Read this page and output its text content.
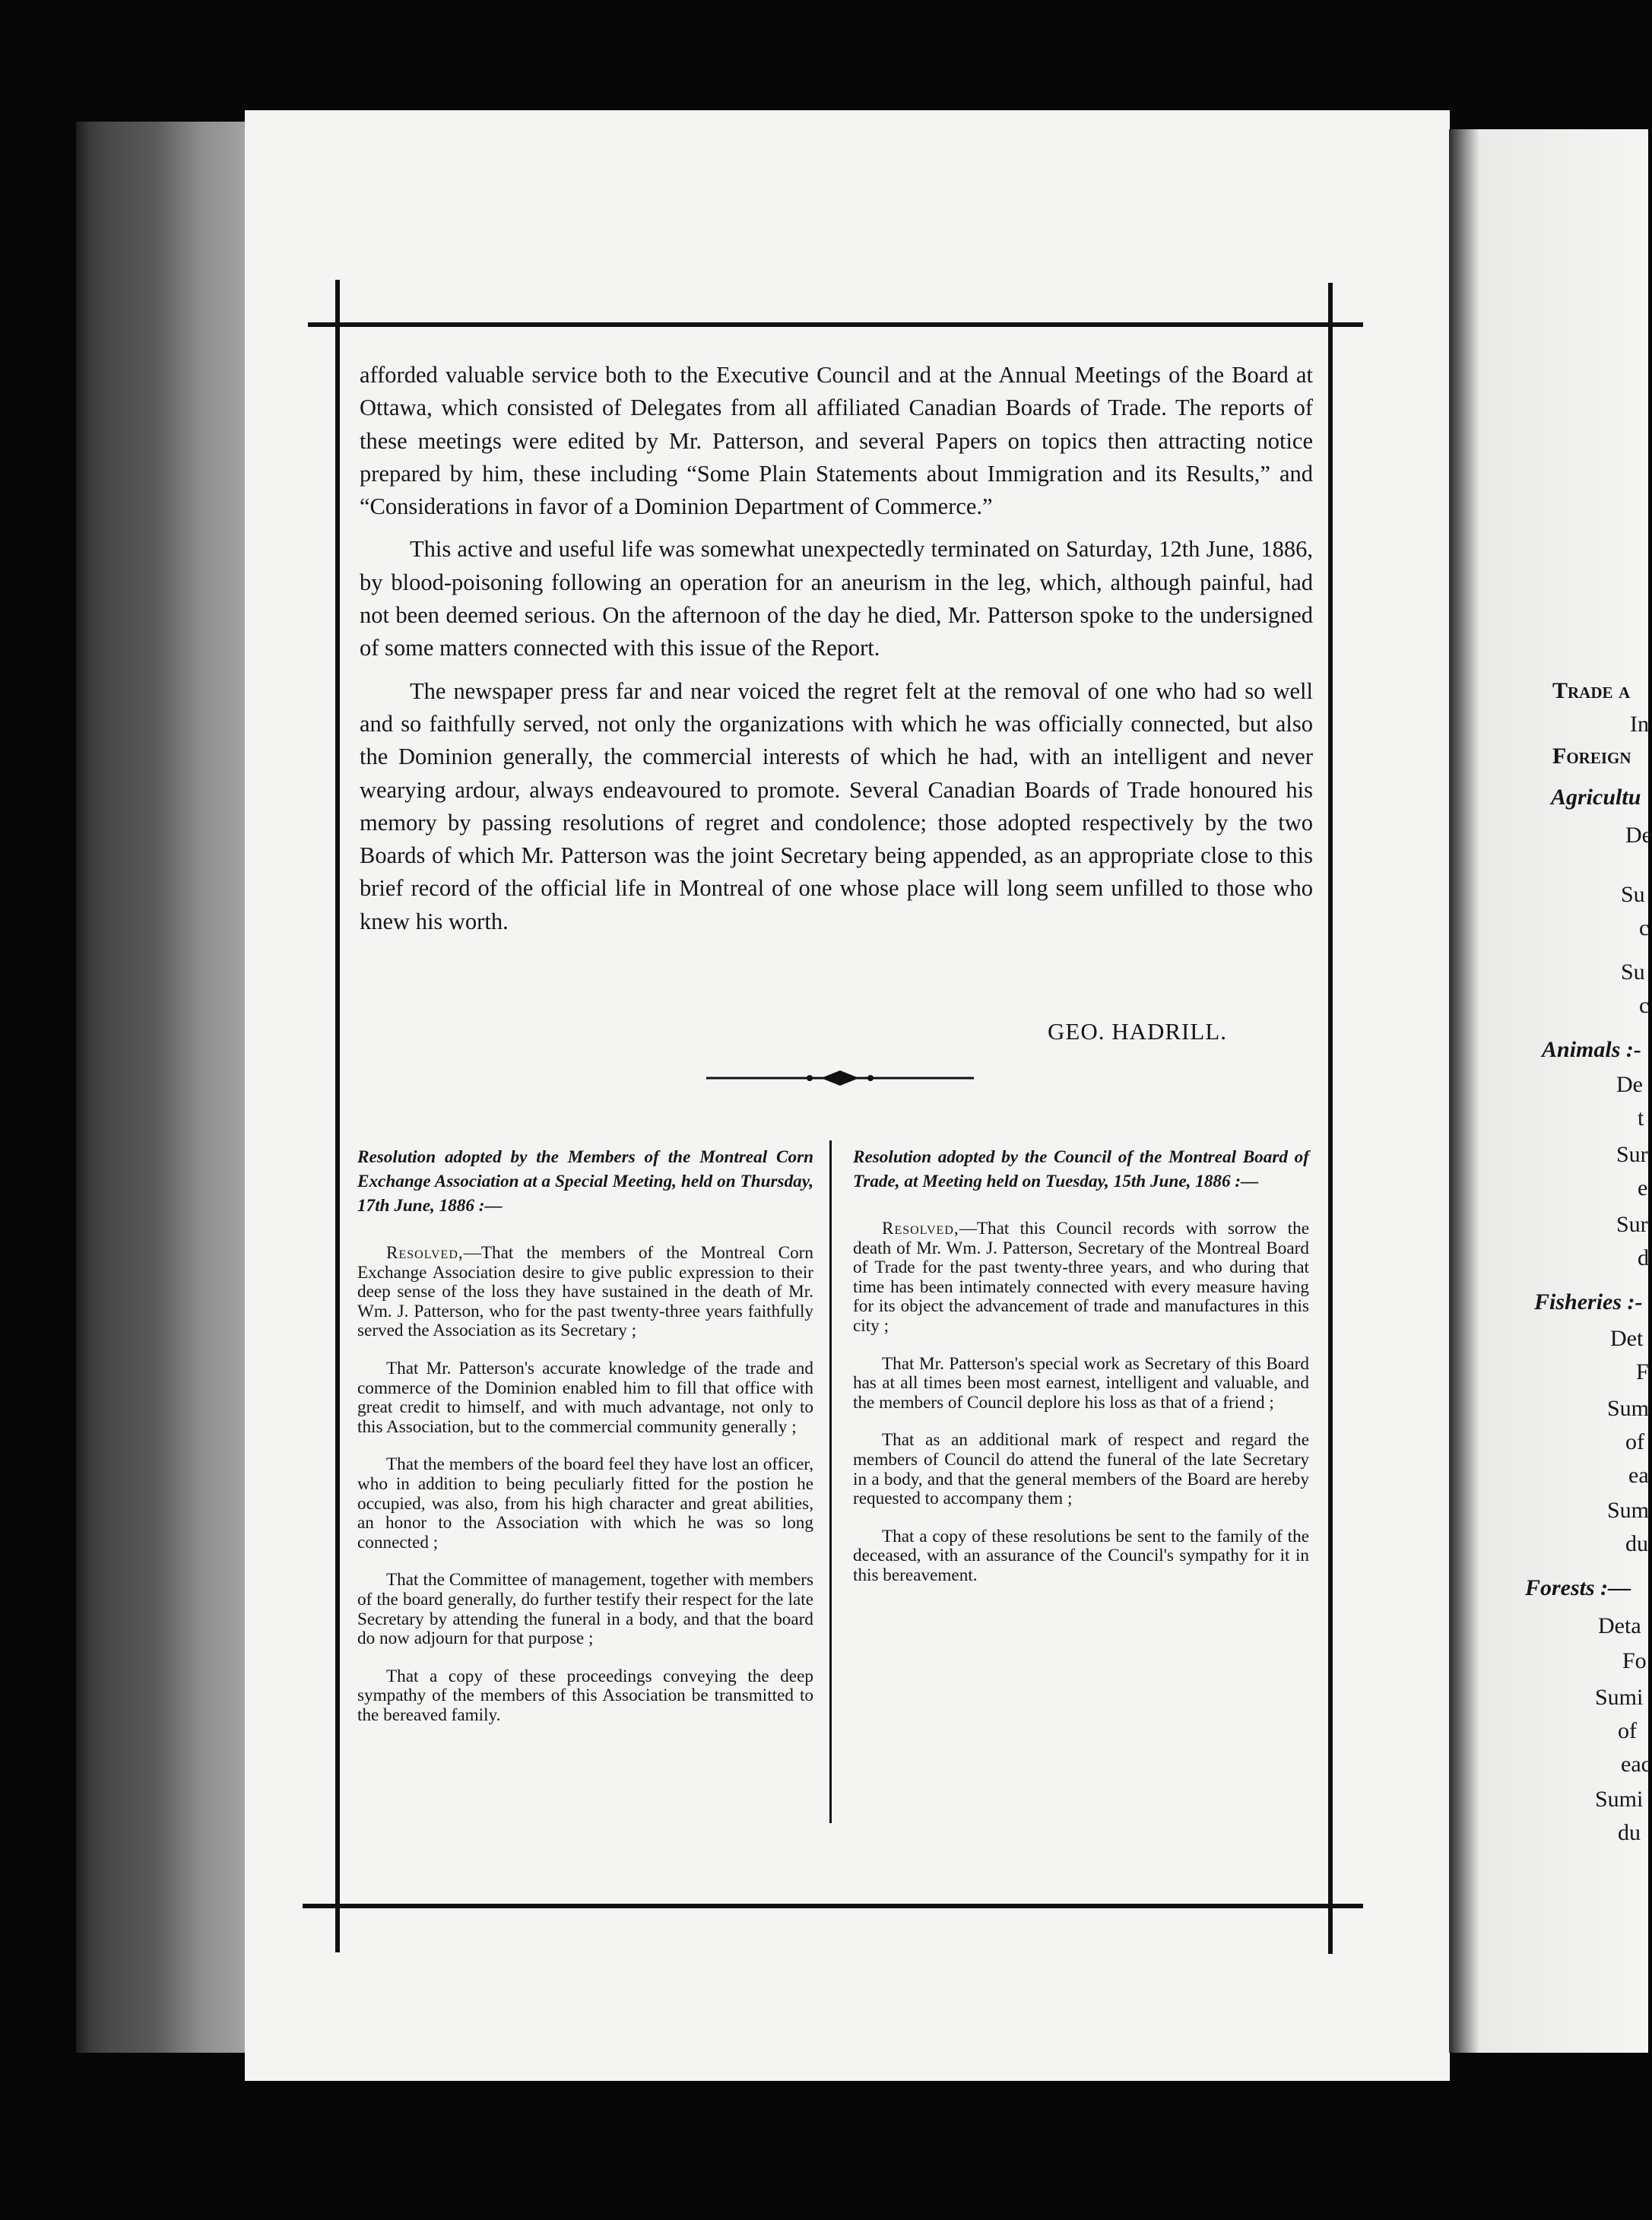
afforded valuable service both to the Executive Council and at the Annual Meetings of the Board at Ottawa, which consisted of Delegates from all affiliated Canadian Boards of Trade. The reports of these meetings were edited by Mr. Patterson, and several Papers on topics then attracting notice prepared by him, these including “Some Plain Statements about Immigration and its Results,” and “Considerations in favor of a Dominion Department of Commerce.”

This active and useful life was somewhat unexpectedly terminated on Saturday, 12th June, 1886, by blood-poisoning following an operation for an aneurism in the leg, which, although painful, had not been deemed serious. On the afternoon of the day he died, Mr. Patterson spoke to the undersigned of some matters connected with this issue of the Report.

The newspaper press far and near voiced the regret felt at the removal of one who had so well and so faithfully served, not only the organizations with which he was officially connected, but also the Dominion generally, the commercial interests of which he had, with an intelligent and never wearying ardour, always endeavoured to promote. Several Canadian Boards of Trade honoured his memory by passing resolutions of regret and condolence; those adopted respectively by the two Boards of which Mr. Patterson was the joint Secretary being appended, as an appropriate close to this brief record of the official life in Montreal of one whose place will long seem unfilled to those who knew his worth.

GEO. HADRILL.
Resolution adopted by the Members of the Montreal Corn Exchange Association at a Special Meeting, held on Thursday, 17th June, 1886 :—

Resolved,—That the members of the Montreal Corn Exchange Association desire to give public expression to their deep sense of the loss they have sustained in the death of Mr. Wm. J. Patterson, who for the past twenty-three years faithfully served the Association as its Secretary ;

That Mr. Patterson's accurate knowledge of the trade and commerce of the Dominion enabled him to fill that office with great credit to himself, and with much advantage, not only to this Association, but to the commercial community generally ;

That the members of the board feel they have lost an officer, who in addition to being peculiarly fitted for the postion he occupied, was also, from his high character and great abilities, an honor to the Association with which he was so long connected ;

That the Committee of management, together with members of the board generally, do further testify their respect for the late Secretary by attending the funeral in a body, and that the board do now adjourn for that purpose ;

That a copy of these proceedings conveying the deep sympathy of the members of this Association be transmitted to the bereaved family.

Resolution adopted by the Council of the Montreal Board of Trade, at Meeting held on Tuesday, 15th June, 1886 :—

Resolved,—That this Council records with sorrow the death of Mr. Wm. J. Patterson, Secretary of the Montreal Board of Trade for the past twenty-three years, and who during that time has been intimately connected with every measure having for its object the advancement of trade and manufactures in this city ;

That Mr. Patterson's special work as Secretary of this Board has at all times been most earnest, intelligent and valuable, and the members of Council deplore his loss as that of a friend ;

That as an additional mark of respect and regard the members of Council do attend the funeral of the late Secretary in a body, and that the general members of the Board are hereby requested to accompany them ;

That a copy of these resolutions be sent to the family of the deceased, with an assurance of the Council's sympathy for it in this bereavement.

Trade a
In
Foreign
Agricultu
De
Su
c
Su
c
Animals :-
De
t
Sur
e
Sur
d
Fisheries :-
Det
F
Sum
of
ea
Sum
du
Forests :—
Deta
Fo
Sumi
of
eac
Sumi
du
